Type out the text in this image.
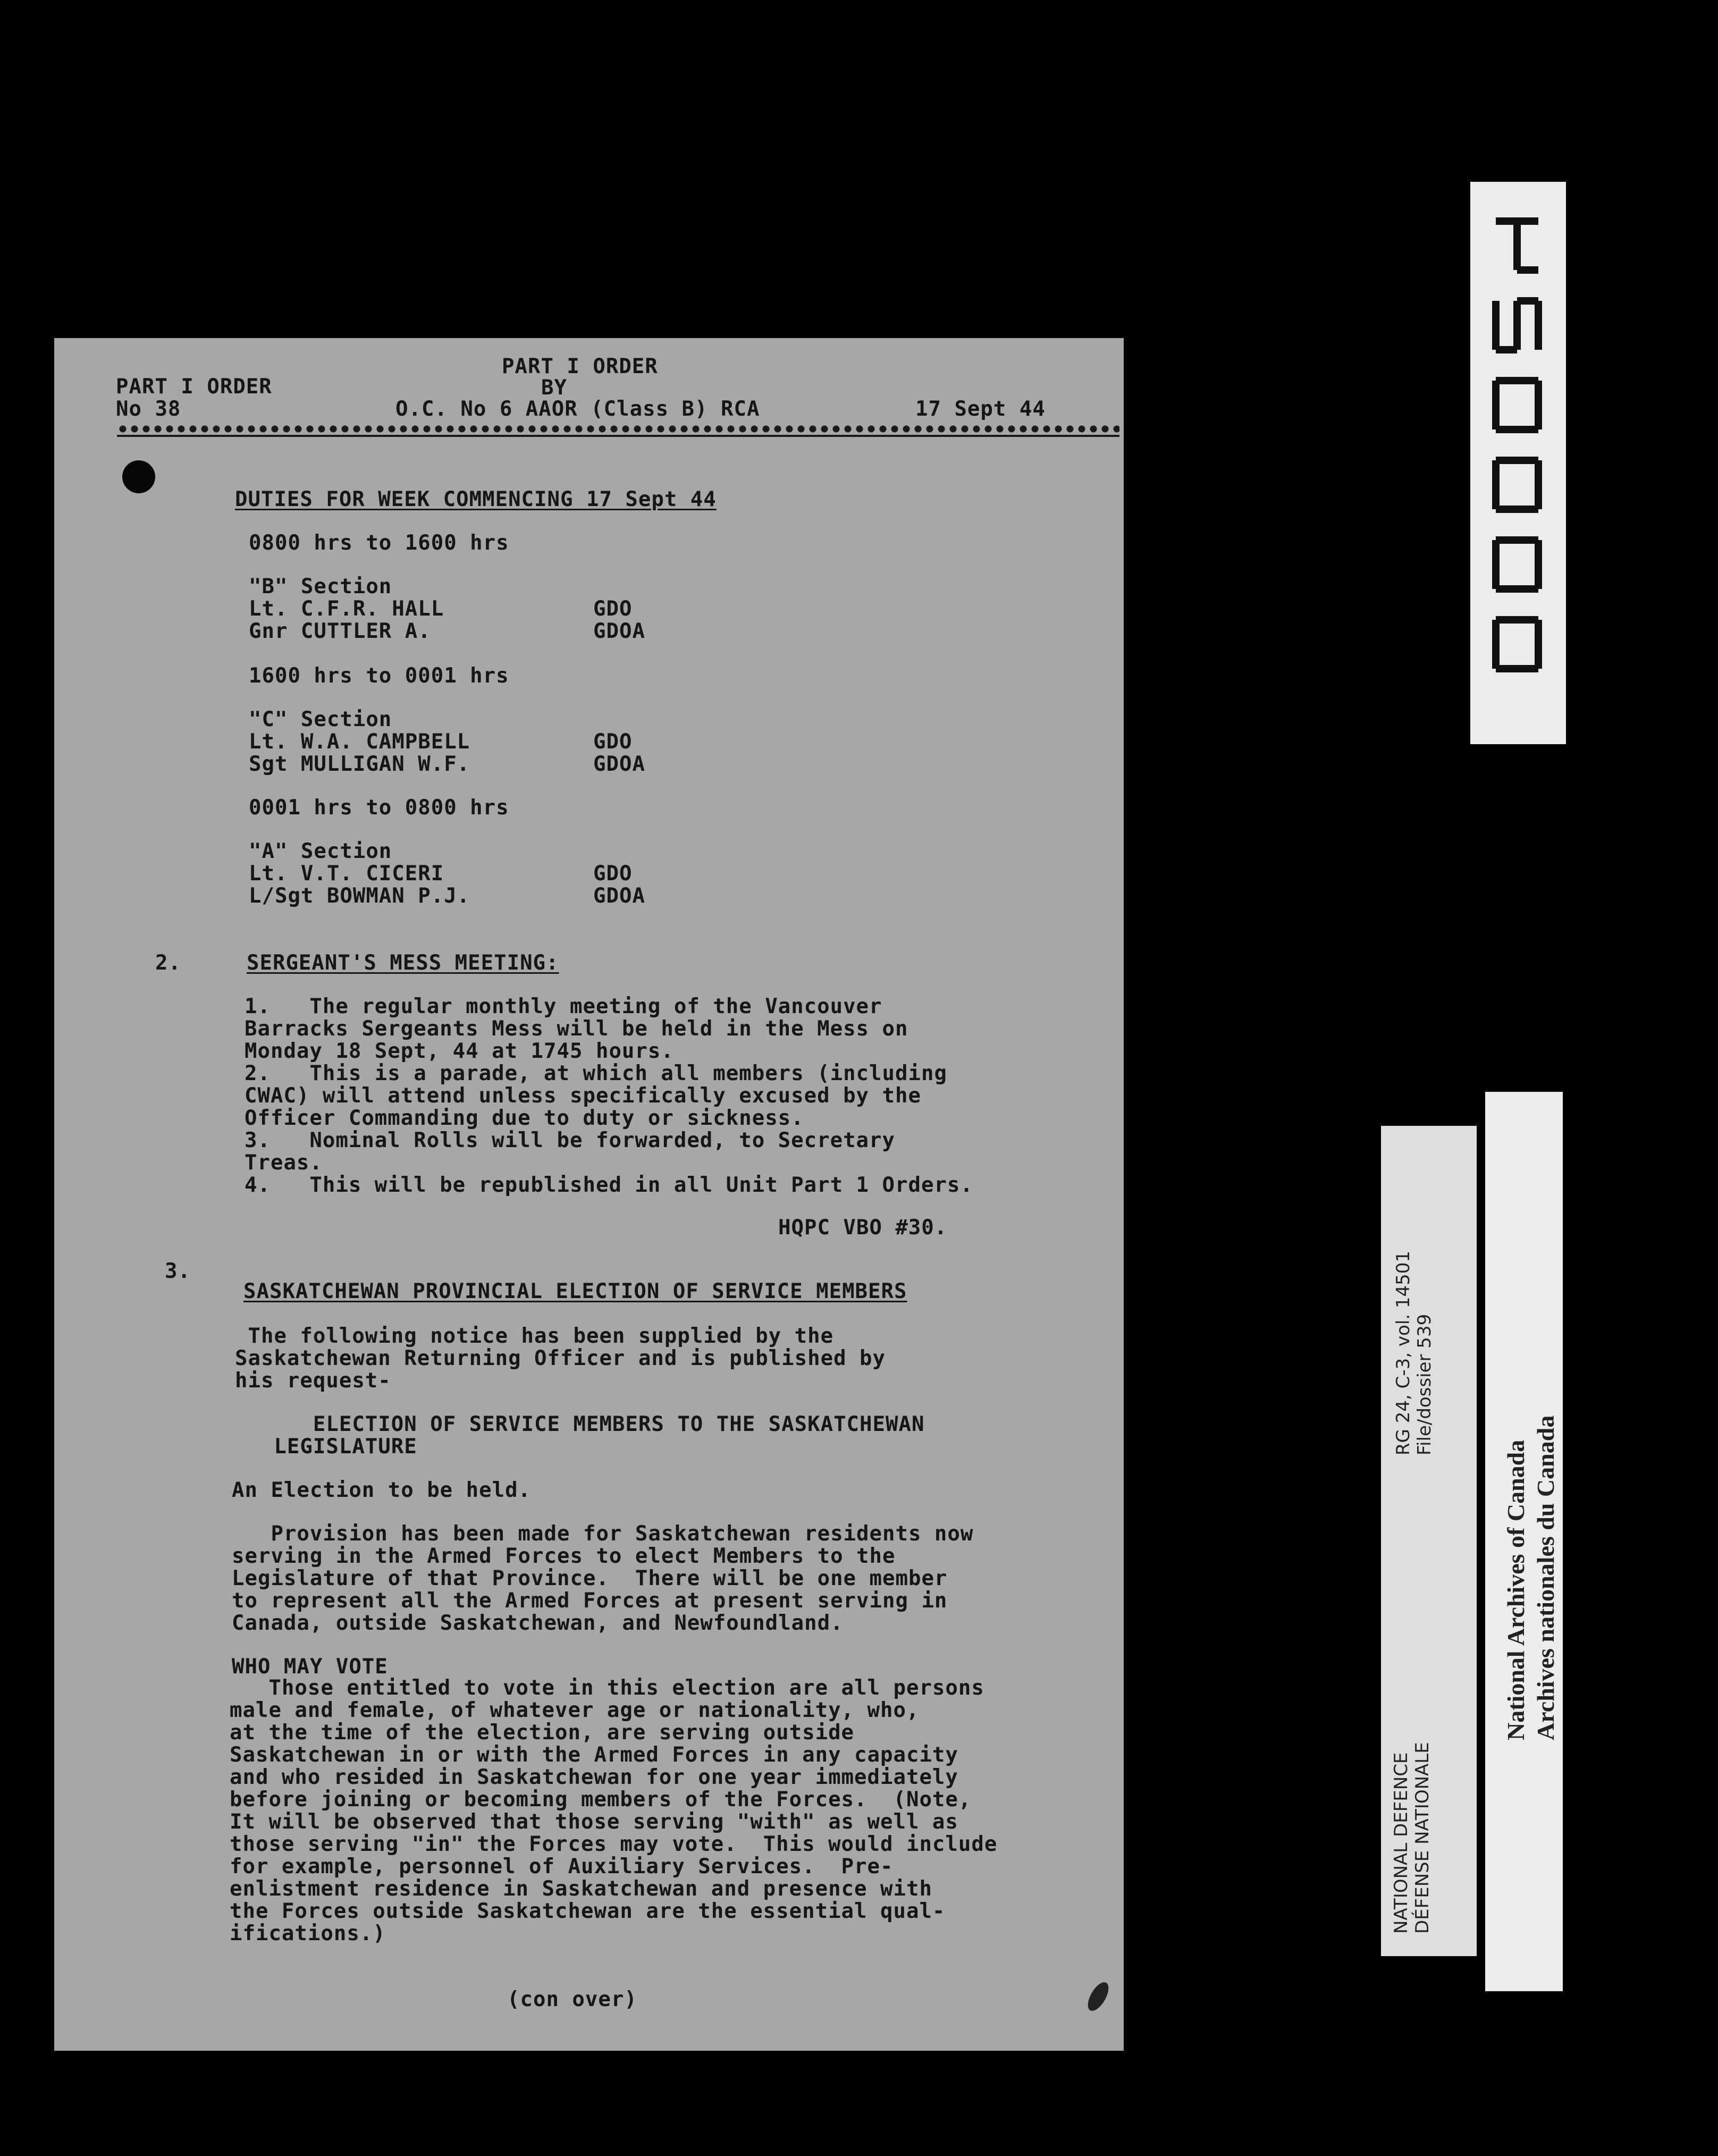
PART I ORDER
No 38
PART I ORDER
BY
O.C. No 6 AAOR (Class B) RCA	17 Sept 44
DUTIES FOR WEEK COMMENCING 17 Sept 44
0800 hrs to 1600 hrs
"B" Section
Lt. C.F.R. HALL	GDO
Gnr CUTTLER A.	GDOA
1600 hrs to 0001 hrs
"C" Section
Lt. W.A. CAMPBELL	GDO
Sgt MULLIGAN W.F.	GDOA
0001 hrs to 0800 hrs
"A" Section
Lt. V.T. CICERI	GDO
L/Sgt BOWMAN P.J.	GDOA
2.	SERGEANT'S MESS MEETING:
1.   The regular monthly meeting of the Vancouver
Barracks Sergeants Mess will be held in the Mess on
Monday 18 Sept, 44 at 1745 hours.
2.   This is a parade, at which all members (including
CWAC) will attend unless specifically excused by the
Officer Commanding due to duty or sickness.
3.   Nominal Rolls will be forwarded, to Secretary
Treas.
4.   This will be republished in all Unit Part 1 Orders.
HQPC VBO #30.
3.
SASKATCHEWAN PROVINCIAL ELECTION OF SERVICE MEMBERS
The following notice has been supplied by the
Saskatchewan Returning Officer and is published by
his request-
ELECTION OF SERVICE MEMBERS TO THE SASKATCHEWAN
LEGISLATURE
An Election to be held.
Provision has been made for Saskatchewan residents now
serving in the Armed Forces to elect Members to the
Legislature of that Province.  There will be one member
to represent all the Armed Forces at present serving in
Canada, outside Saskatchewan, and Newfoundland.
WHO MAY VOTE
Those entitled to vote in this election are all persons
male and female, of whatever age or nationality, who,
at the time of the election, are serving outside
Saskatchewan in or with the Armed Forces in any capacity
and who resided in Saskatchewan for one year immediately
before joining or becoming members of the Forces.  (Note,
It will be observed that those serving "with" as well as
those serving "in" the Forces may vote.  This would include
for example, personnel of Auxiliary Services.  Pre-
enlistment residence in Saskatchewan and presence with
the Forces outside Saskatchewan are the essential qual-
ifications.)
(con over)
NATIONAL DEFENCE
DÉFENSE NATIONALE
RG 24, C-3, vol. 14501
File/dossier 539
National Archives of Canada Archives nationales du Canada
